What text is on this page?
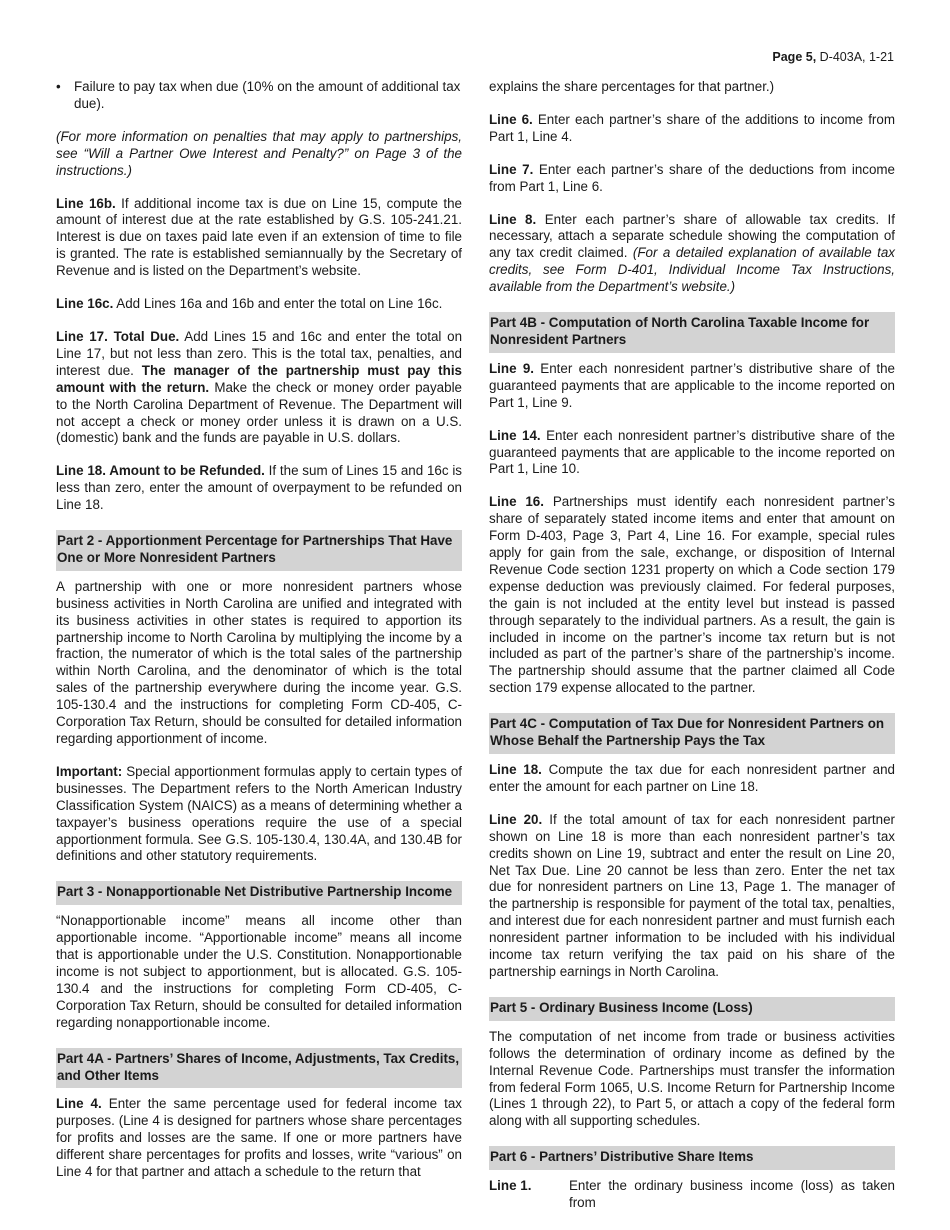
Page 5, D-403A, 1-21
• Failure to pay tax when due (10% on the amount of additional tax due).

(For more information on penalties that may apply to partnerships, see “Will a Partner Owe Interest and Penalty?” on Page 3 of the instructions.)

Line 16b. If additional income tax is due on Line 15, compute the amount of interest due at the rate established by G.S. 105-241.21. Interest is due on taxes paid late even if an extension of time to file is granted. The rate is established semiannually by the Secretary of Revenue and is listed on the Department’s website.

Line 16c. Add Lines 16a and 16b and enter the total on Line 16c.

Line 17. Total Due. Add Lines 15 and 16c and enter the total on Line 17, but not less than zero. This is the total tax, penalties, and interest due. The manager of the partnership must pay this amount with the return. Make the check or money order payable to the North Carolina Department of Revenue. The Department will not accept a check or money order unless it is drawn on a U.S. (domestic) bank and the funds are payable in U.S. dollars.

Line 18. Amount to be Refunded. If the sum of Lines 15 and 16c is less than zero, enter the amount of overpayment to be refunded on Line 18.

Part 2 - Apportionment Percentage for Partnerships That Have One or More Nonresident Partners

A partnership with one or more nonresident partners whose business activities in North Carolina are unified and integrated with its business activities in other states is required to apportion its partnership income to North Carolina by multiplying the income by a fraction, the numerator of which is the total sales of the partnership within North Carolina, and the denominator of which is the total sales of the partnership everywhere during the income year. G.S. 105-130.4 and the instructions for completing Form CD-405, C-Corporation Tax Return, should be consulted for detailed information regarding apportionment of income.

Important: Special apportionment formulas apply to certain types of businesses. The Department refers to the North American Industry Classification System (NAICS) as a means of determining whether a taxpayer’s business operations require the use of a special apportionment formula. See G.S. 105-130.4, 130.4A, and 130.4B for definitions and other statutory requirements.

Part 3 - Nonapportionable Net Distributive Partnership Income

“Nonapportionable income” means all income other than apportionable income. “Apportionable income” means all income that is apportionable under the U.S. Constitution. Nonapportionable income is not subject to apportionment, but is allocated. G.S. 105-130.4 and the instructions for completing Form CD-405, C-Corporation Tax Return, should be consulted for detailed information regarding nonapportionable income.

Part 4A - Partners’ Shares of Income, Adjustments, Tax Credits, and Other Items

Line 4. Enter the same percentage used for federal income tax purposes. (Line 4 is designed for partners whose share percentages for profits and losses are the same. If one or more partners have different share percentages for profits and losses, write “various” on Line 4 for that partner and attach a schedule to the return that

explains the share percentages for that partner.)

Line 6. Enter each partner’s share of the additions to income from Part 1, Line 4.

Line 7. Enter each partner’s share of the deductions from income from Part 1, Line 6.

Line 8. Enter each partner’s share of allowable tax credits. If necessary, attach a separate schedule showing the computation of any tax credit claimed. (For a detailed explanation of available tax credits, see Form D-401, Individual Income Tax Instructions, available from the Department’s website.)

Part 4B - Computation of North Carolina Taxable Income for Nonresident Partners

Line 9. Enter each nonresident partner’s distributive share of the guaranteed payments that are applicable to the income reported on Part 1, Line 9.

Line 14. Enter each nonresident partner’s distributive share of the guaranteed payments that are applicable to the income reported on Part 1, Line 10.

Line 16. Partnerships must identify each nonresident partner’s share of separately stated income items and enter that amount on Form D-403, Page 3, Part 4, Line 16. For example, special rules apply for gain from the sale, exchange, or disposition of Internal Revenue Code section 1231 property on which a Code section 179 expense deduction was previously claimed. For federal purposes, the gain is not included at the entity level but instead is passed through separately to the individual partners. As a result, the gain is included in income on the partner’s income tax return but is not included as part of the partner’s share of the partnership’s income. The partnership should assume that the partner claimed all Code section 179 expense allocated to the partner.

Part 4C - Computation of Tax Due for Nonresident Partners on Whose Behalf the Partnership Pays the Tax

Line 18. Compute the tax due for each nonresident partner and enter the amount for each partner on Line 18.

Line 20. If the total amount of tax for each nonresident partner shown on Line 18 is more than each nonresident partner’s tax credits shown on Line 19, subtract and enter the result on Line 20, Net Tax Due. Line 20 cannot be less than zero. Enter the net tax due for nonresident partners on Line 13, Page 1. The manager of the partnership is responsible for payment of the total tax, penalties, and interest due for each nonresident partner and must furnish each nonresident partner information to be included with his individual income tax return verifying the tax paid on his share of the partnership earnings in North Carolina.

Part 5 - Ordinary Business Income (Loss)

The computation of net income from trade or business activities follows the determination of ordinary income as defined by the Internal Revenue Code. Partnerships must transfer the information from federal Form 1065, U.S. Income Return for Partnership Income (Lines 1 through 22), to Part 5, or attach a copy of the federal form along with all supporting schedules.

Part 6 - Partners’ Distributive Share Items
Line 1.	Enter the ordinary business income (loss) as taken from
